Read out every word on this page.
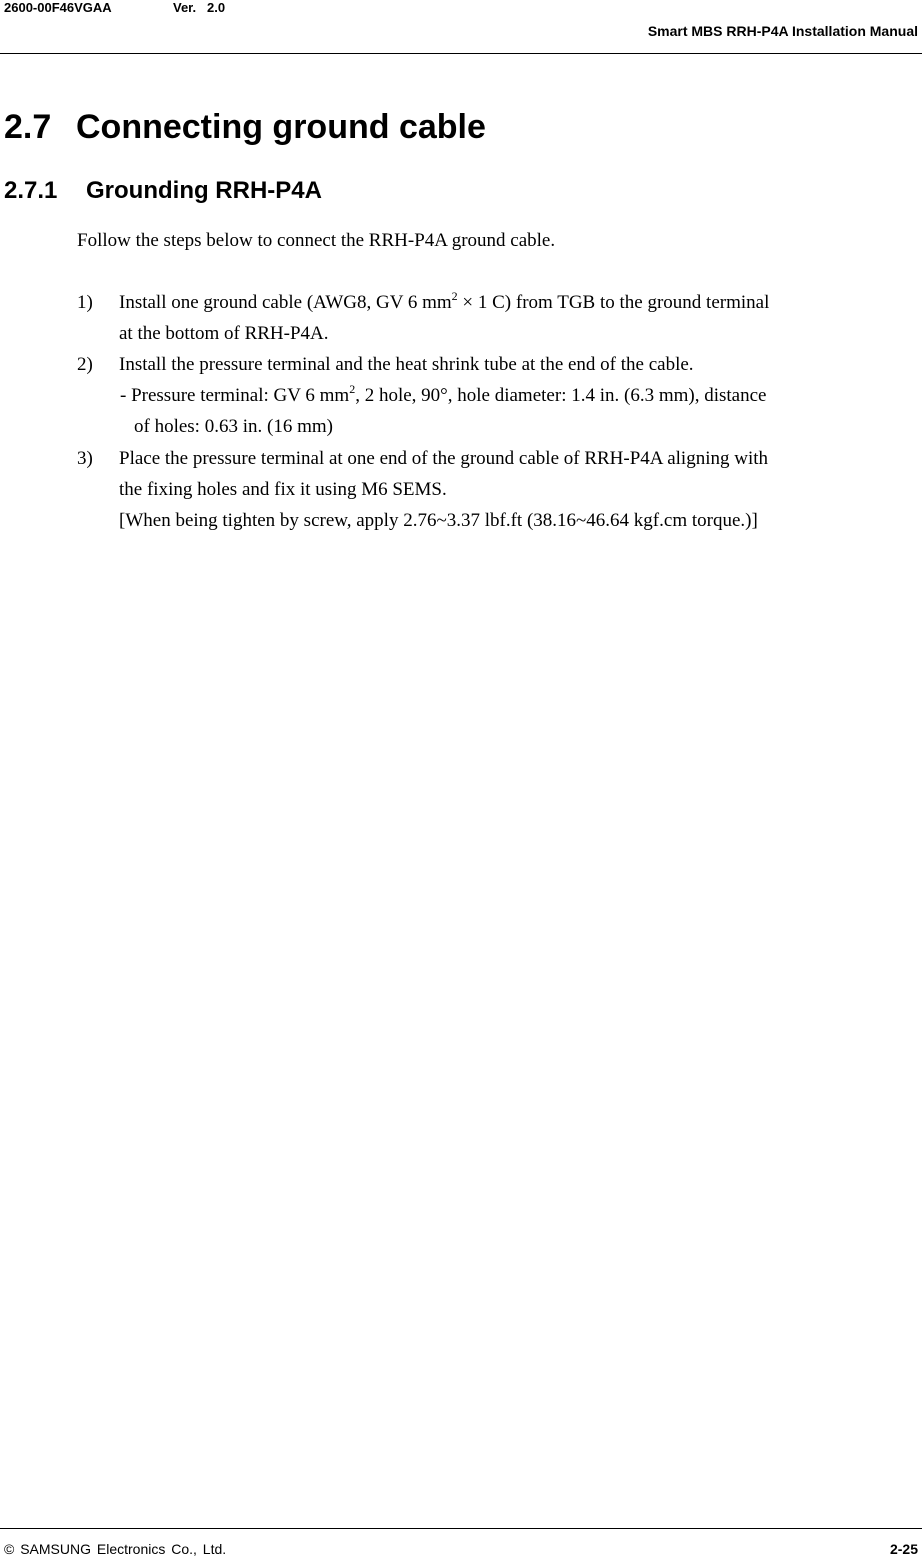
2600-00F46VGAA	Ver.   2.0
Smart MBS RRH-P4A Installation Manual
2.7 Connecting ground cable
2.7.1 Grounding RRH-P4A
Follow the steps below to connect the RRH-P4A ground cable.
1) Install one ground cable (AWG8, GV 6 $mm^2 \times 1$ C) from TGB to the ground terminal
at the bottom of RRH-P4A.
2) Install the pressure terminal and the heat shrink tube at the end of the cable.
- Pressure terminal: GV 6 $mm^2$, 2 hole, 90°, hole diameter: 1.4 in. (6.3 mm), distance
of holes: 0.63 in. (16 mm)
3) Place the pressure terminal at one end of the ground cable of RRH-P4A aligning with
the fixing holes and fix it using M6 SEMS.
[When being tighten by screw, apply 2.76~3.37 lbf.ft (38.16~46.64 kgf.cm torque.)]
© SAMSUNG Electronics Co., Ltd.	2-25
